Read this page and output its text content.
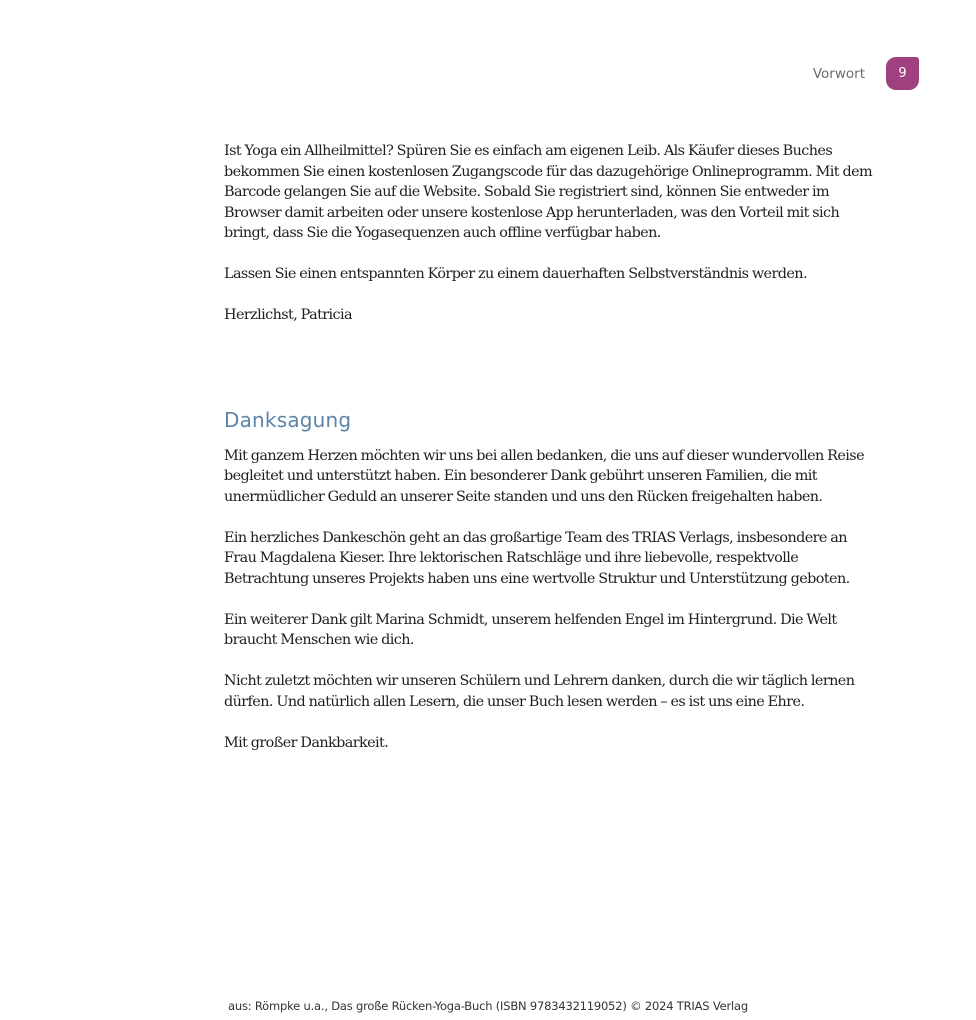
Vorwort	9

Ist Yoga ein Allheilmittel? Spüren Sie es einfach am eigenen Leib. Als Käufer dieses Buches bekommen Sie einen kostenlosen Zugangscode für das dazugehörige Onlineprogramm. Mit dem Barcode gelangen Sie auf die Website. Sobald Sie registriert sind, können Sie entweder im Browser damit arbeiten oder unsere kostenlose App herunterladen, was den Vorteil mit sich bringt, dass Sie die Yogasequenzen auch offline verfügbar haben.

Lassen Sie einen entspannten Körper zu einem dauerhaften Selbstverständnis werden.

Herzlichst, Patricia

Danksagung

Mit ganzem Herzen möchten wir uns bei allen bedanken, die uns auf dieser wundervollen Reise begleitet und unterstützt haben. Ein besonderer Dank gebührt unseren Familien, die mit unermüdlicher Geduld an unserer Seite standen und uns den Rücken freigehalten haben.

Ein herzliches Dankeschön geht an das großartige Team des TRIAS Verlags, insbesondere an Frau Magdalena Kieser. Ihre lektorischen Ratschläge und ihre liebevolle, respektvolle Betrachtung unseres Projekts haben uns eine wertvolle Struktur und Unterstützung geboten.

Ein weiterer Dank gilt Marina Schmidt, unserem helfenden Engel im Hintergrund. Die Welt braucht Menschen wie dich.

Nicht zuletzt möchten wir unseren Schülern und Lehrern danken, durch die wir täglich lernen dürfen. Und natürlich allen Lesern, die unser Buch lesen werden – es ist uns eine Ehre.

Mit großer Dankbarkeit.

aus: Römpke u.a., Das große Rücken-Yoga-Buch (ISBN 9783432119052) © 2024 TRIAS Verlag
